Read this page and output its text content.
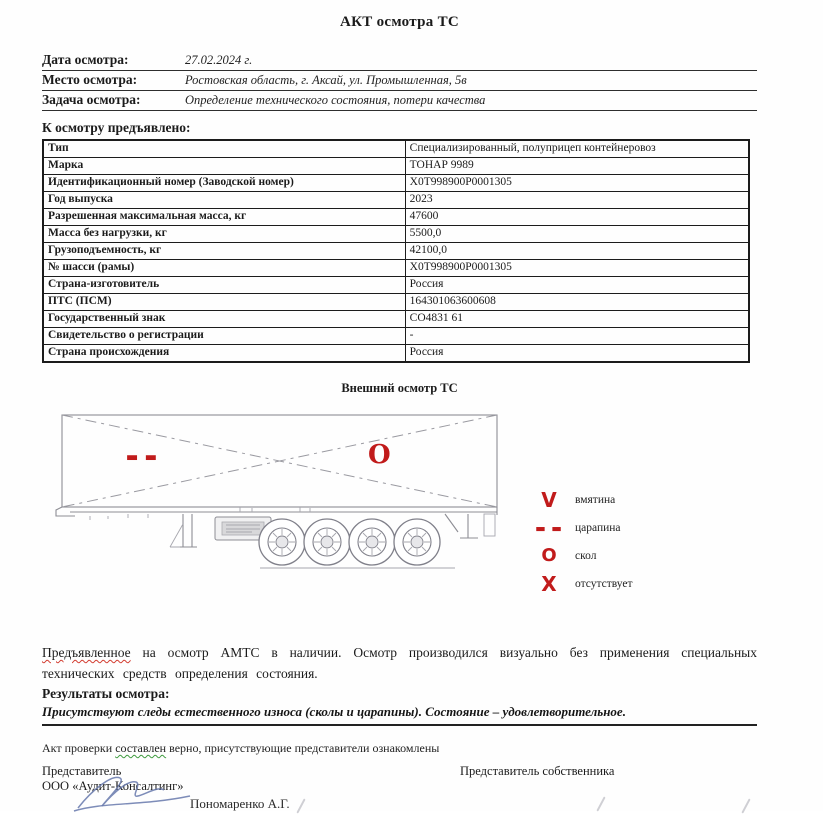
АКТ осмотра ТС
Дата осмотра:	27.02.2024 г.
Место осмотра:	Ростовская область, г. Аксай, ул. Промышленная, 5в
Задача осмотра:	Определение технического состояния, потери качества
К осмотру предъявлено:
Тип	Специализированный, полуприцеп контейнеровоз
Марка	ТОНАР 9989
Идентификационный номер (Заводской номер)	X0T998900P0001305
Год выпуска	2023
Разрешенная максимальная масса, кг	47600
Масса без нагрузки, кг	5500,0
Грузоподъемность, кг	42100,0
№ шасси (рамы)	X0T998900P0001305
Страна-изготовитель	Россия
ПТС (ПСМ)	164301063600608
Государственный знак	СО4831 61
Свидетельство о регистрации	-
Страна происхождения	Россия
Внешний осмотр ТС
▬ ▬	О
V	вмятина
▬ ▬ царапина
О	скол
X	отсутствует

Предъявленное на осмотр АМТС в наличии. Осмотр производился визуально без применения специальных технических средств определения состояния.

Результаты осмотра:
Присутствуют следы естественного износа (сколы и царапины). Состояние – удовлетворительное.

Акт проверки составлен верно, присутствующие представители ознакомлены

Представитель
ООО «Аудит-Консалтинг»
Представитель собственника
Пономаренко А.Г.
